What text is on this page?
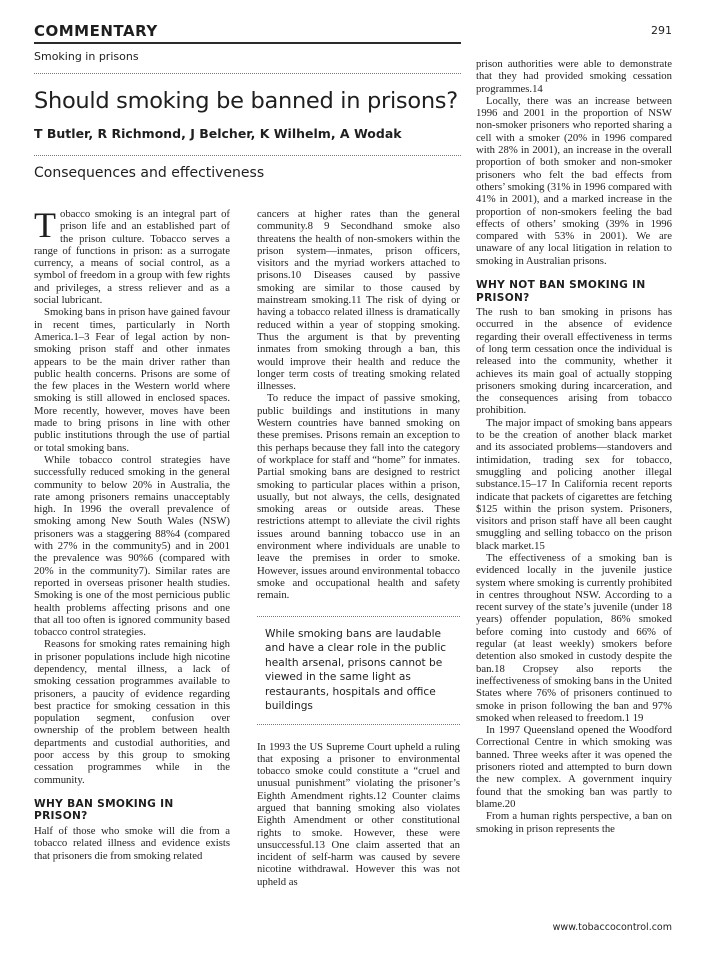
COMMENTARY	291
Smoking in prisons
Should smoking be banned in prisons?
T Butler, R Richmond, J Belcher, K Wilhelm, A Wodak
Consequences and effectiveness

Tobacco smoking is an integral part of prison life and an established part of the prison culture. Tobacco serves a range of functions in prison: as a surrogate currency, a means of social control, as a symbol of freedom in a group with few rights and privileges, a stress reliever and as a social lubricant.

Smoking bans in prison have gained favour in recent times, particularly in North America.1–3 Fear of legal action by non-smoking prison staff and other inmates appears to be the main driver rather than public health concerns. Prisons are some of the few places in the Western world where smoking is still allowed in enclosed spaces. More recently, however, moves have been made to bring prisons in line with other public institutions through the use of partial or total smoking bans.

While tobacco control strategies have successfully reduced smoking in the general community to below 20% in Australia, the rate among prisoners remains unacceptably high. In 1996 the overall prevalence of smoking among New South Wales (NSW) prisoners was a staggering 88%4 (compared with 27% in the community5) and in 2001 the prevalence was 90%6 (compared with 20% in the community7). Similar rates are reported in overseas prisoner health studies. Smoking is one of the most pernicious public health problems affecting prisons and one that all too often is ignored community based tobacco control strategies.

Reasons for smoking rates remaining high in prisoner populations include high nicotine dependency, mental illness, a lack of smoking cessation programmes available to prisoners, a paucity of evidence regarding best practice for smoking cessation in this population segment, confusion over ownership of the problem between health departments and custodial authorities, and poor access by this group to smoking cessation programmes while in the community.

WHY BAN SMOKING IN PRISON?

Half of those who smoke will die from a tobacco related illness and evidence exists that prisoners die from smoking related

cancers at higher rates than the general community.8 9 Secondhand smoke also threatens the health of non-smokers within the prison system—inmates, prison officers, visitors and the myriad workers attached to prisons.10 Diseases caused by passive smoking are similar to those caused by mainstream smoking.11 The risk of dying or having a tobacco related illness is dramatically reduced within a year of stopping smoking. Thus the argument is that by preventing inmates from smoking through a ban, this would improve their health and reduce the longer term costs of treating smoking related illnesses.

To reduce the impact of passive smoking, public buildings and institutions in many Western countries have banned smoking on these premises. Prisons remain an exception to this perhaps because they fall into the category of workplace for staff and “home” for inmates. Partial smoking bans are designed to restrict smoking to particular places within a prison, usually, but not always, the cells, designated smoking areas or outside areas. These restrictions attempt to alleviate the civil rights issues around banning tobacco use in an environment where individuals are unable to leave the premises in order to smoke. However, issues around environmental tobacco smoke and occupational health and safety remain.

While smoking bans are laudable and have a clear role in the public health arsenal, prisons cannot be viewed in the same light as restaurants, hospitals and office buildings

In 1993 the US Supreme Court upheld a ruling that exposing a prisoner to environmental tobacco smoke could constitute a “cruel and unusual punishment” violating the prisoner’s Eighth Amendment rights.12 Counter claims argued that banning smoking also violates Eighth Amendment or other constitutional rights to smoke. However, these were unsuccessful.13 One claim asserted that an incident of self-harm was caused by severe nicotine withdrawal. However this was not upheld as

prison authorities were able to demonstrate that they had provided smoking cessation programmes.14

Locally, there was an increase between 1996 and 2001 in the proportion of NSW non-smoker prisoners who reported sharing a cell with a smoker (20% in 1996 compared with 28% in 2001), an increase in the overall proportion of both smoker and non-smoker prisoners who felt the bad effects from others’ smoking (31% in 1996 compared with 41% in 2001), and a marked increase in the proportion of non-smokers feeling the bad effects of others’ smoking (39% in 1996 compared with 53% in 2001). We are unaware of any local litigation in relation to smoking in Australian prisons.

WHY NOT BAN SMOKING IN PRISON?

The rush to ban smoking in prisons has occurred in the absence of evidence regarding their overall effectiveness in terms of long term cessation once the individual is released into the community, whether it achieves its main goal of actually stopping prisoners smoking during incarceration, and the consequences arising from tobacco prohibition.

The major impact of smoking bans appears to be the creation of another black market and its associated problems—standovers and intimidation, trading sex for tobacco, smuggling and policing another illegal substance.15–17 In California recent reports indicate that packets of cigarettes are fetching $125 within the prison system. Prisoners, visitors and prison staff have all been caught smuggling and selling tobacco on the prison black market.15

The effectiveness of a smoking ban is evidenced locally in the juvenile justice system where smoking is currently prohibited in centres throughout NSW. According to a recent survey of the state’s juvenile (under 18 years) offender population, 86% smoked before coming into custody and 66% of regular (at least weekly) smokers before detention also smoked in custody despite the ban.18 Cropsey also reports the ineffectiveness of smoking bans in the United States where 76% of prisoners continued to smoke in prison following the ban and 97% smoked when released to freedom.1 19

In 1997 Queensland opened the Woodford Correctional Centre in which smoking was banned. Three weeks after it was opened the prisoners rioted and attempted to burn down the new complex. A government inquiry found that the smoking ban was partly to blame.20

From a human rights perspective, a ban on smoking in prison represents the

www.tobaccocontrol.com
